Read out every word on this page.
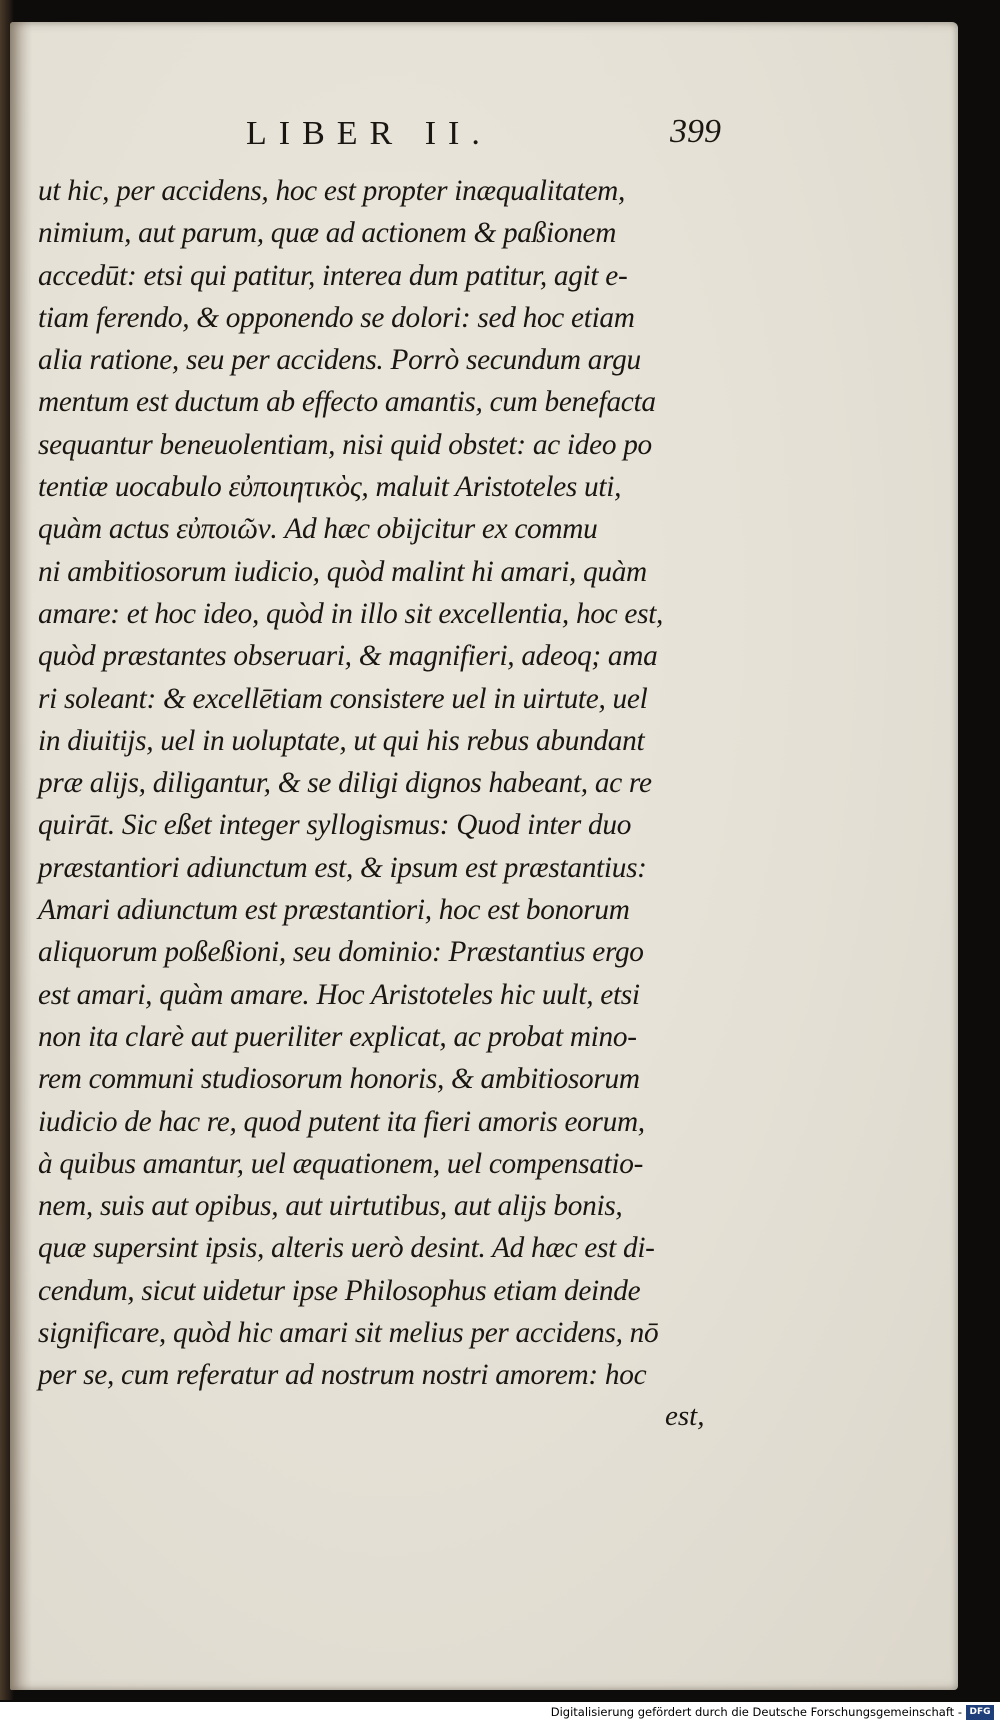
LIBER II.	399
ut hic, per accidens, hoc est propter inæqualitatem,
nimium, aut parum, quæ ad actionem & paßionem
accedūt: etsi qui patitur, interea dum patitur, agit e-
tiam ferendo, & opponendo se dolori: sed hoc etiam
alia ratione, seu per accidens. Porrò secundum argu
mentum est ductum ab effecto amantis, cum benefacta
sequantur beneuolentiam, nisi quid obstet: ac ideo po
tentiæ uocabulo εὐποιητικὸς, maluit Aristoteles uti,
quàm actus εὐποιῶν. Ad hæc obijcitur ex commu
ni ambitiosorum iudicio, quòd malint hi amari, quàm
amare: et hoc ideo, quòd in illo sit excellentia, hoc est,
quòd præstantes obseruari, & magnifieri, adeoq; ama
ri soleant: & excellētiam consistere uel in uirtute, uel
in diuitijs, uel in uoluptate, ut qui his rebus abundant
præ alijs, diligantur, & se diligi dignos habeant, ac re
quirāt. Sic eßet integer syllogismus: Quod inter duo
præstantiori adiunctum est, & ipsum est præstantius:
Amari adiunctum est præstantiori, hoc est bonorum
aliquorum poßeßioni, seu dominio: Præstantius ergo
est amari, quàm amare. Hoc Aristoteles hic uult, etsi
non ita clarè aut pueriliter explicat, ac probat mino-
rem communi studiosorum honoris, & ambitiosorum
iudicio de hac re, quod putent ita fieri amoris eorum,
à quibus amantur, uel æquationem, uel compensatio-
nem, suis aut opibus, aut uirtutibus, aut alijs bonis,
quæ supersint ipsis, alteris uerò desint. Ad hæc est di-
cendum, sicut uidetur ipse Philosophus etiam deinde
significare, quòd hic amari sit melius per accidens, nō
per se, cum referatur ad nostrum nostri amorem: hoc
est,
Digitalisierung gefördert durch die Deutsche Forschungsgemeinschaft - DFG
